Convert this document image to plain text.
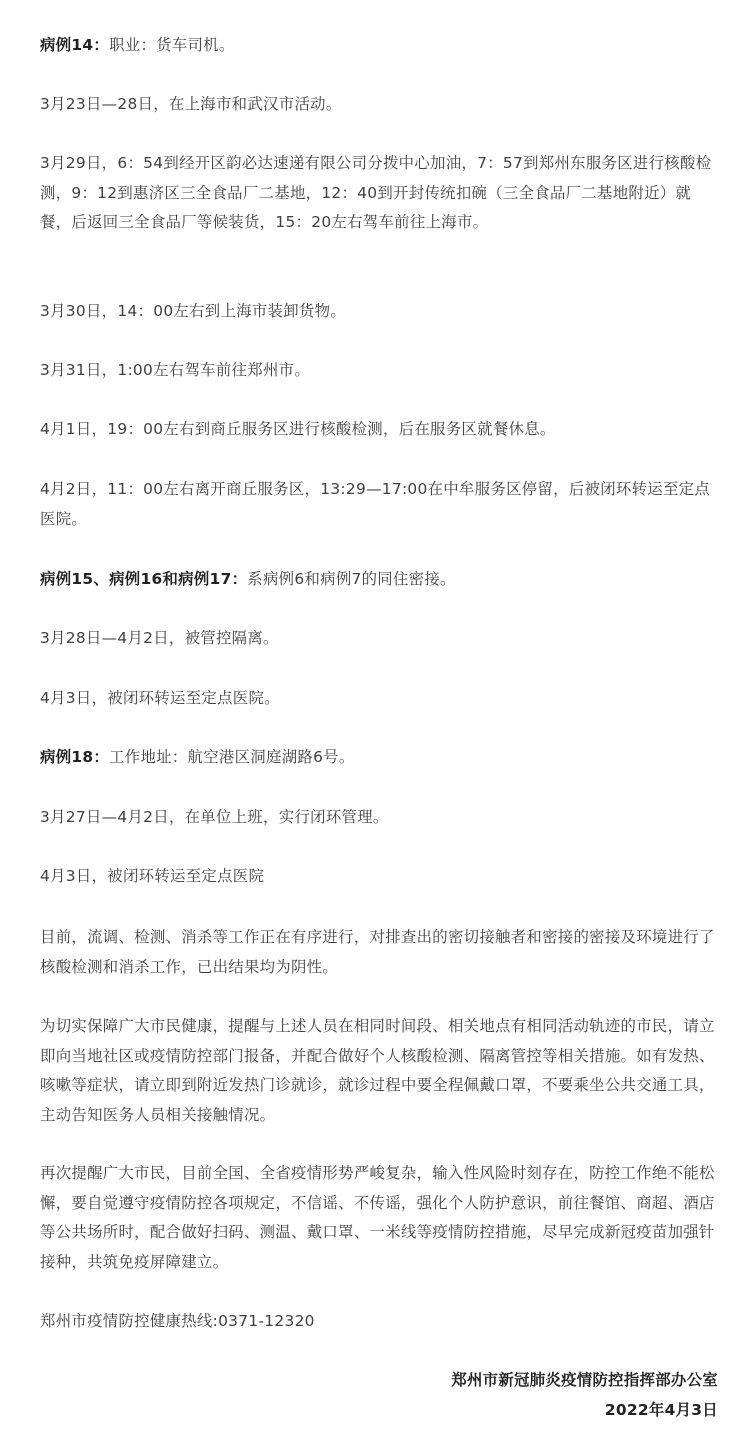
病例14：职业：货车司机。

3月23日—28日，在上海市和武汉市活动。

3月29日，6：54到经开区韵必达速递有限公司分拨中心加油，7：57到郑州东服务区进行核酸检测，9：12到惠济区三全食品厂二基地，12：40到开封传统扣碗（三全食品厂二基地附近）就餐，后返回三全食品厂等候装货，15：20左右驾车前往上海市。

3月30日，14：00左右到上海市装卸货物。

3月31日，1:00左右驾车前往郑州市。

4月1日，19：00左右到商丘服务区进行核酸检测，后在服务区就餐休息。

4月2日，11：00左右离开商丘服务区，13:29—17:00在中牟服务区停留，后被闭环转运至定点医院。

病例15、病例16和病例17：系病例6和病例7的同住密接。

3月28日—4月2日，被管控隔离。

4月3日，被闭环转运至定点医院。

病例18：工作地址：航空港区洞庭湖路6号。

3月27日—4月2日，在单位上班，实行闭环管理。

4月3日，被闭环转运至定点医院

目前，流调、检测、消杀等工作正在有序进行，对排查出的密切接触者和密接的密接及环境进行了核酸检测和消杀工作，已出结果均为阴性。

为切实保障广大市民健康，提醒与上述人员在相同时间段、相关地点有相同活动轨迹的市民，请立即向当地社区或疫情防控部门报备，并配合做好个人核酸检测、隔离管控等相关措施。如有发热、咳嗽等症状，请立即到附近发热门诊就诊，就诊过程中要全程佩戴口罩，不要乘坐公共交通工具，主动告知医务人员相关接触情况。

再次提醒广大市民，目前全国、全省疫情形势严峻复杂，输入性风险时刻存在，防控工作绝不能松懈，要自觉遵守疫情防控各项规定，不信谣、不传谣，强化个人防护意识，前往餐馆、商超、酒店等公共场所时，配合做好扫码、测温、戴口罩、一米线等疫情防控措施，尽早完成新冠疫苗加强针接种，共筑免疫屏障建立。

郑州市疫情防控健康热线:0371-12320

郑州市新冠肺炎疫情防控指挥部办公室

2022年4月3日
